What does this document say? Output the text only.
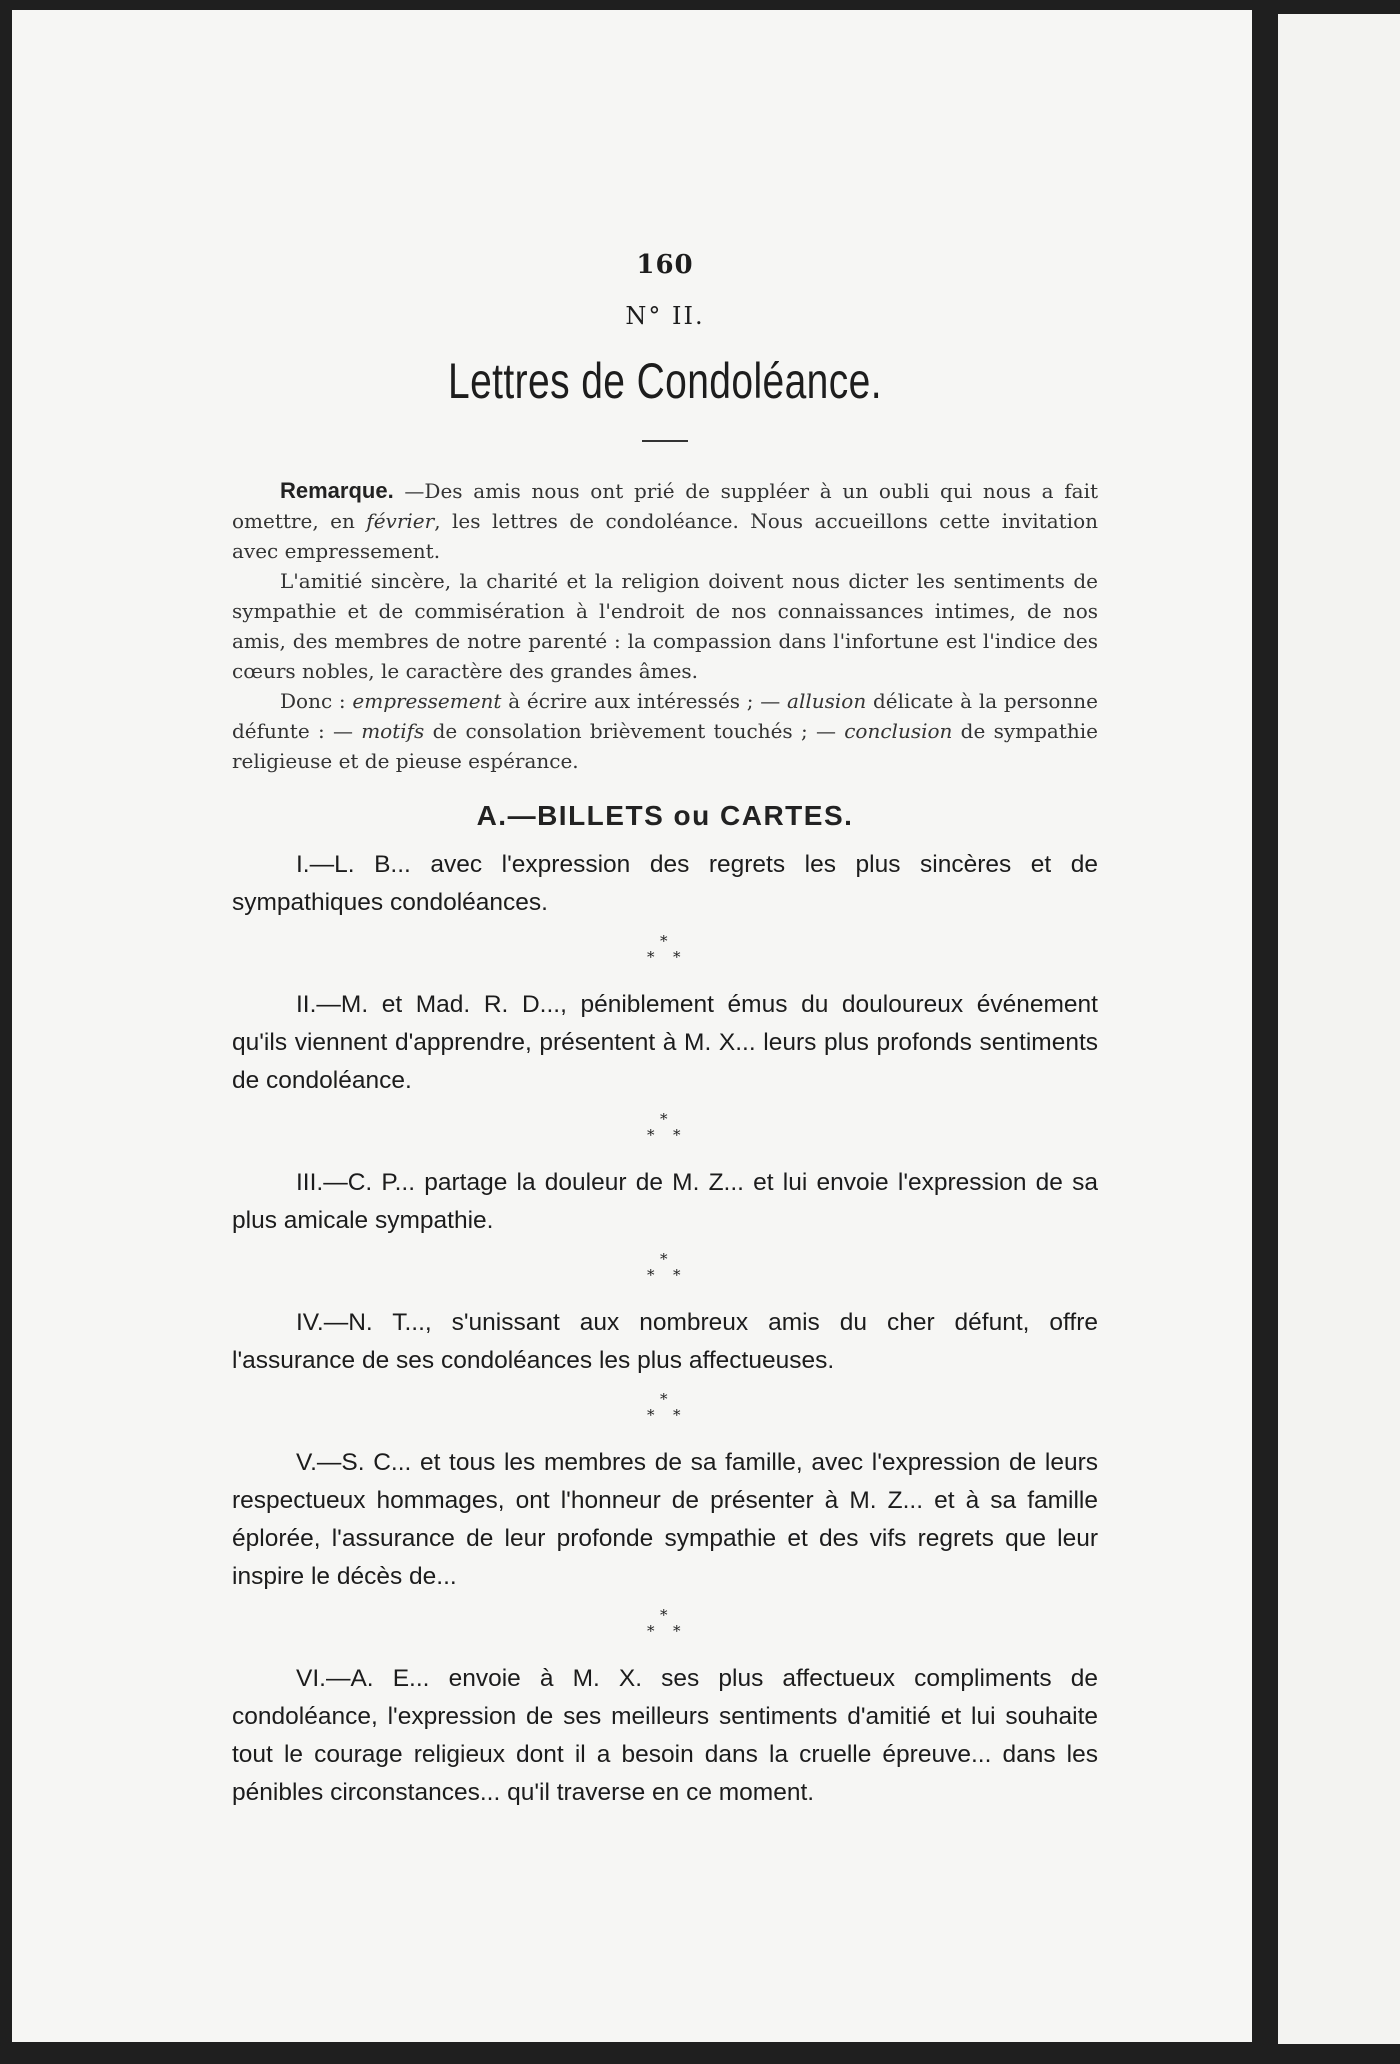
160
N° II.
Lettres de Condoléance.

Remarque. —Des amis nous ont prié de suppléer à un oubli qui nous a fait omettre, en février, les lettres de condoléance. Nous accueillons cette invitation avec empressement.

L'amitié sincère, la charité et la religion doivent nous dicter les sentiments de sympathie et de commisération à l'endroit de nos connaissances intimes, de nos amis, des membres de notre parenté : la compassion dans l'infortune est l'indice des cœurs nobles, le caractère des grandes âmes.

Donc : empressement à écrire aux intéressés ; — allusion délicate à la personne défunte : — motifs de consolation brièvement touchés ; — conclusion de sympathie religieuse et de pieuse espérance.

A.—BILLETS ou CARTES.

I.—L. B... avec l'expression des regrets les plus sincères et de sympathiques condoléances.

*
* *

II.—M. et Mad. R. D..., péniblement émus du douloureux événement qu'ils viennent d'apprendre, présentent à M. X... leurs plus profonds sentiments de condoléance.

*
* *

III.—C. P... partage la douleur de M. Z... et lui envoie l'expression de sa plus amicale sympathie.

*
* *

IV.—N. T..., s'unissant aux nombreux amis du cher défunt, offre l'assurance de ses condoléances les plus affectueuses.

*
* *

V.—S. C... et tous les membres de sa famille, avec l'expression de leurs respectueux hommages, ont l'honneur de présenter à M. Z... et à sa famille éplorée, l'assurance de leur profonde sympathie et des vifs regrets que leur inspire le décès de...

*
* *

VI.—A. E... envoie à M. X. ses plus affectueux compliments de condoléance, l'expression de ses meilleurs sentiments d'amitié et lui souhaite tout le courage religieux dont il a besoin dans la cruelle épreuve... dans les pénibles circonstances... qu'il traverse en ce moment.
